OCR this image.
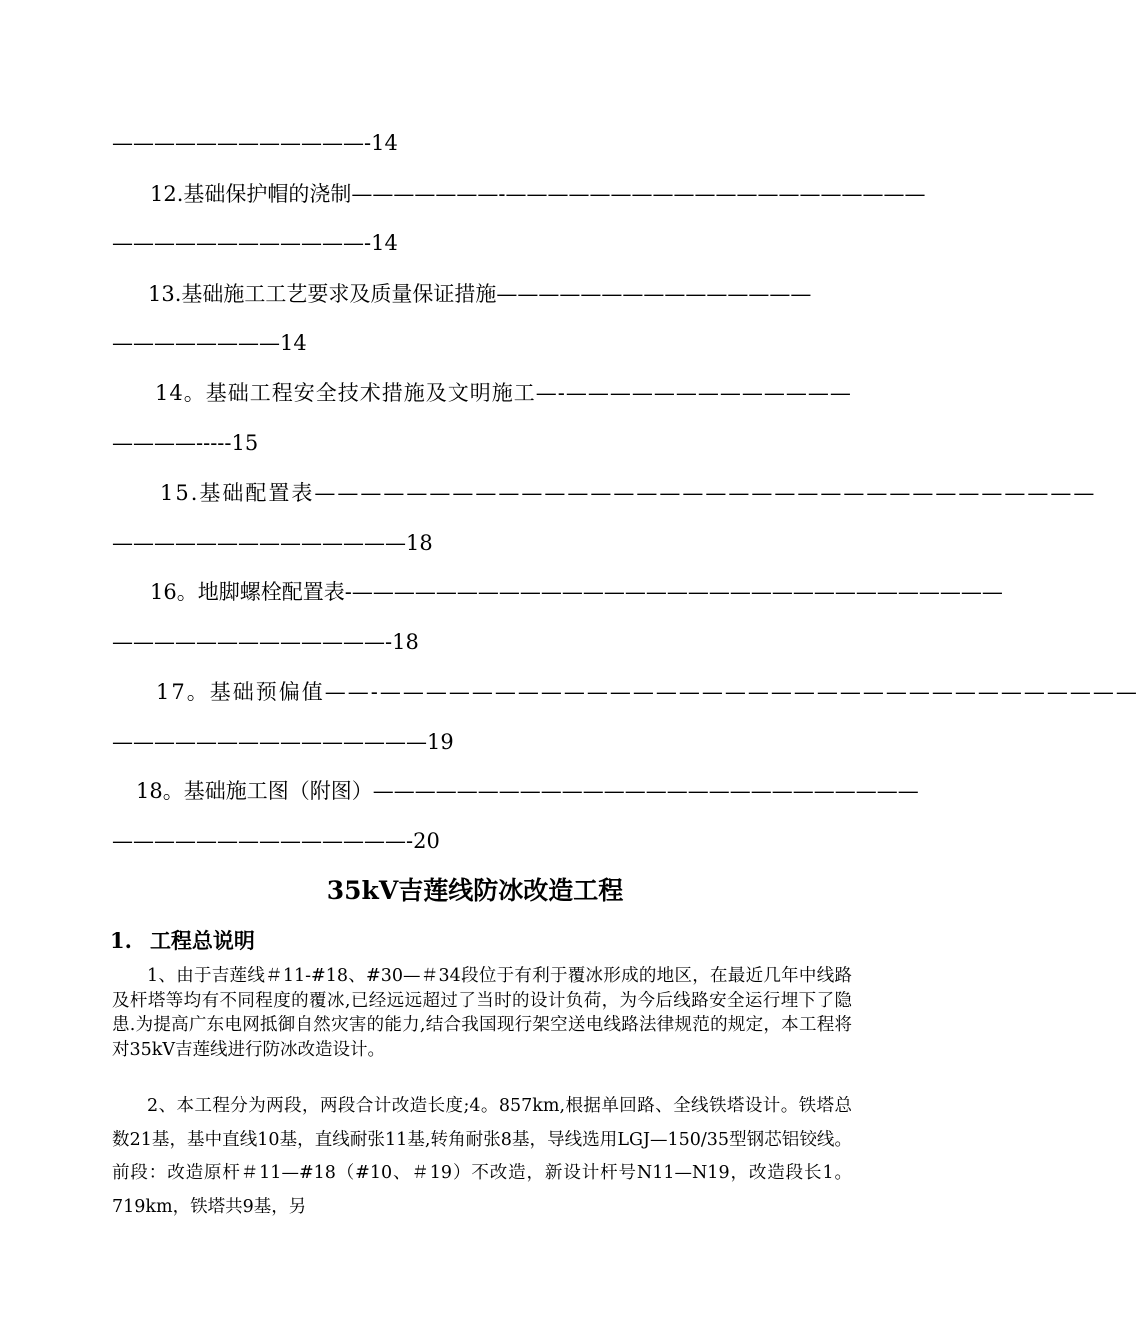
————————————-14
12.基础保护帽的浇制———————-————————————————————
————————————-14
13.基础施工工艺要求及质量保证措施———————————————
————————14
14。基础工程安全技术措施及文明施工—-—————————————
————-----15
15.基础配置表——————————————————————————————————
——————————————18
16。地脚螺栓配置表-———————————————————————————————
—————————————-18
17。基础预偏值——-—————————————————————————————————
———————————————19
18。基础施工图（附图）——————————————————————————
——————————————-20
35kV吉莲线防冰改造工程
1. 工程总说明
1、由于吉莲线＃11-#18、#30—＃34段位于有利于覆冰形成的地区，在最近几年中线路及杆塔等均有不同程度的覆冰,已经远远超过了当时的设计负荷，为今后线路安全运行埋下了隐患.为提高广东电网抵御自然灾害的能力,结合我国现行架空送电线路法律规范的规定，本工程将对35kV吉莲线进行防冰改造设计。
2、本工程分为两段，两段合计改造长度;4。857km,根据单回路、全线铁塔设计。铁塔总数21基，基中直线10基，直线耐张11基,转角耐张8基，导线选用LGJ—150/35型钢芯铝铰线。前段：改造原杆＃11—#18（#10、＃19）不改造，新设计杆号N11—N19，改造段长1。719km，铁塔共9基，另
